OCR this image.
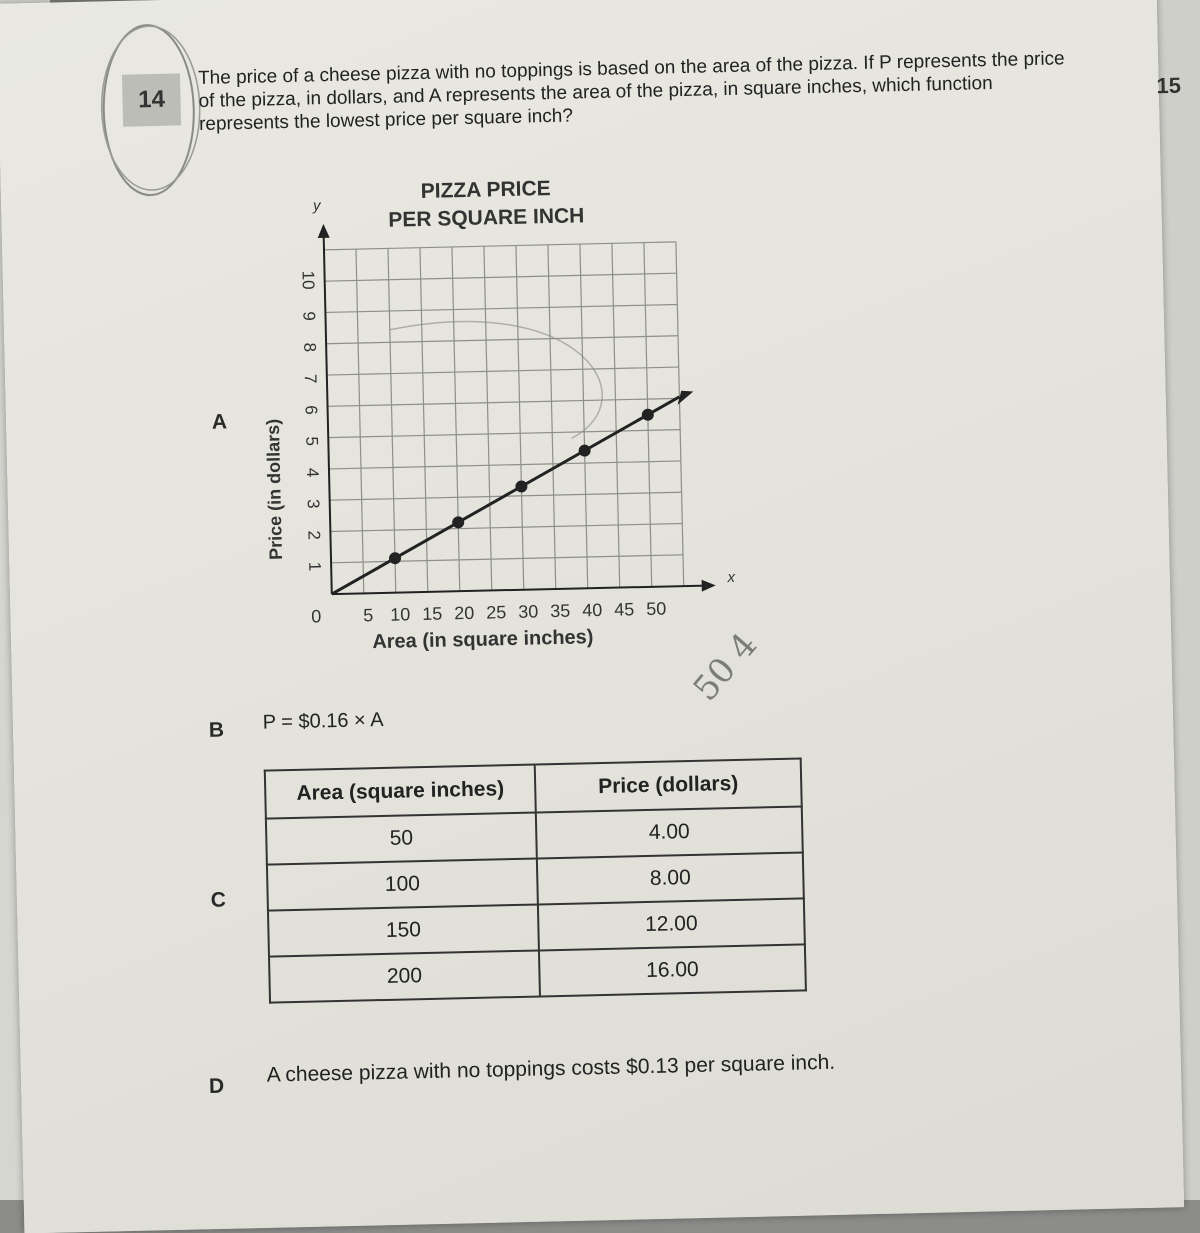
14
15
The price of a cheese pizza with no toppings is based on the area of the pizza. If P represents the price of the pizza, in dollars, and A represents the area of the pizza, in square inches, which function represents the lowest price per square inch?
A
1
2
3
4
5
6
7
8
9
10
5 10 15 20 25 30 35 40 45 50
PIZZA PRICE
PER SQUARE INCH
Area (in square inches)
Price (in dollars)
y
x
0
B P = $0.16 × A
50 4
C
Area (square inches)	Price (dollars)
50	4.00
100	8.00
150	12.00
200	16.00
D A cheese pizza with no toppings costs $0.13 per square inch.
